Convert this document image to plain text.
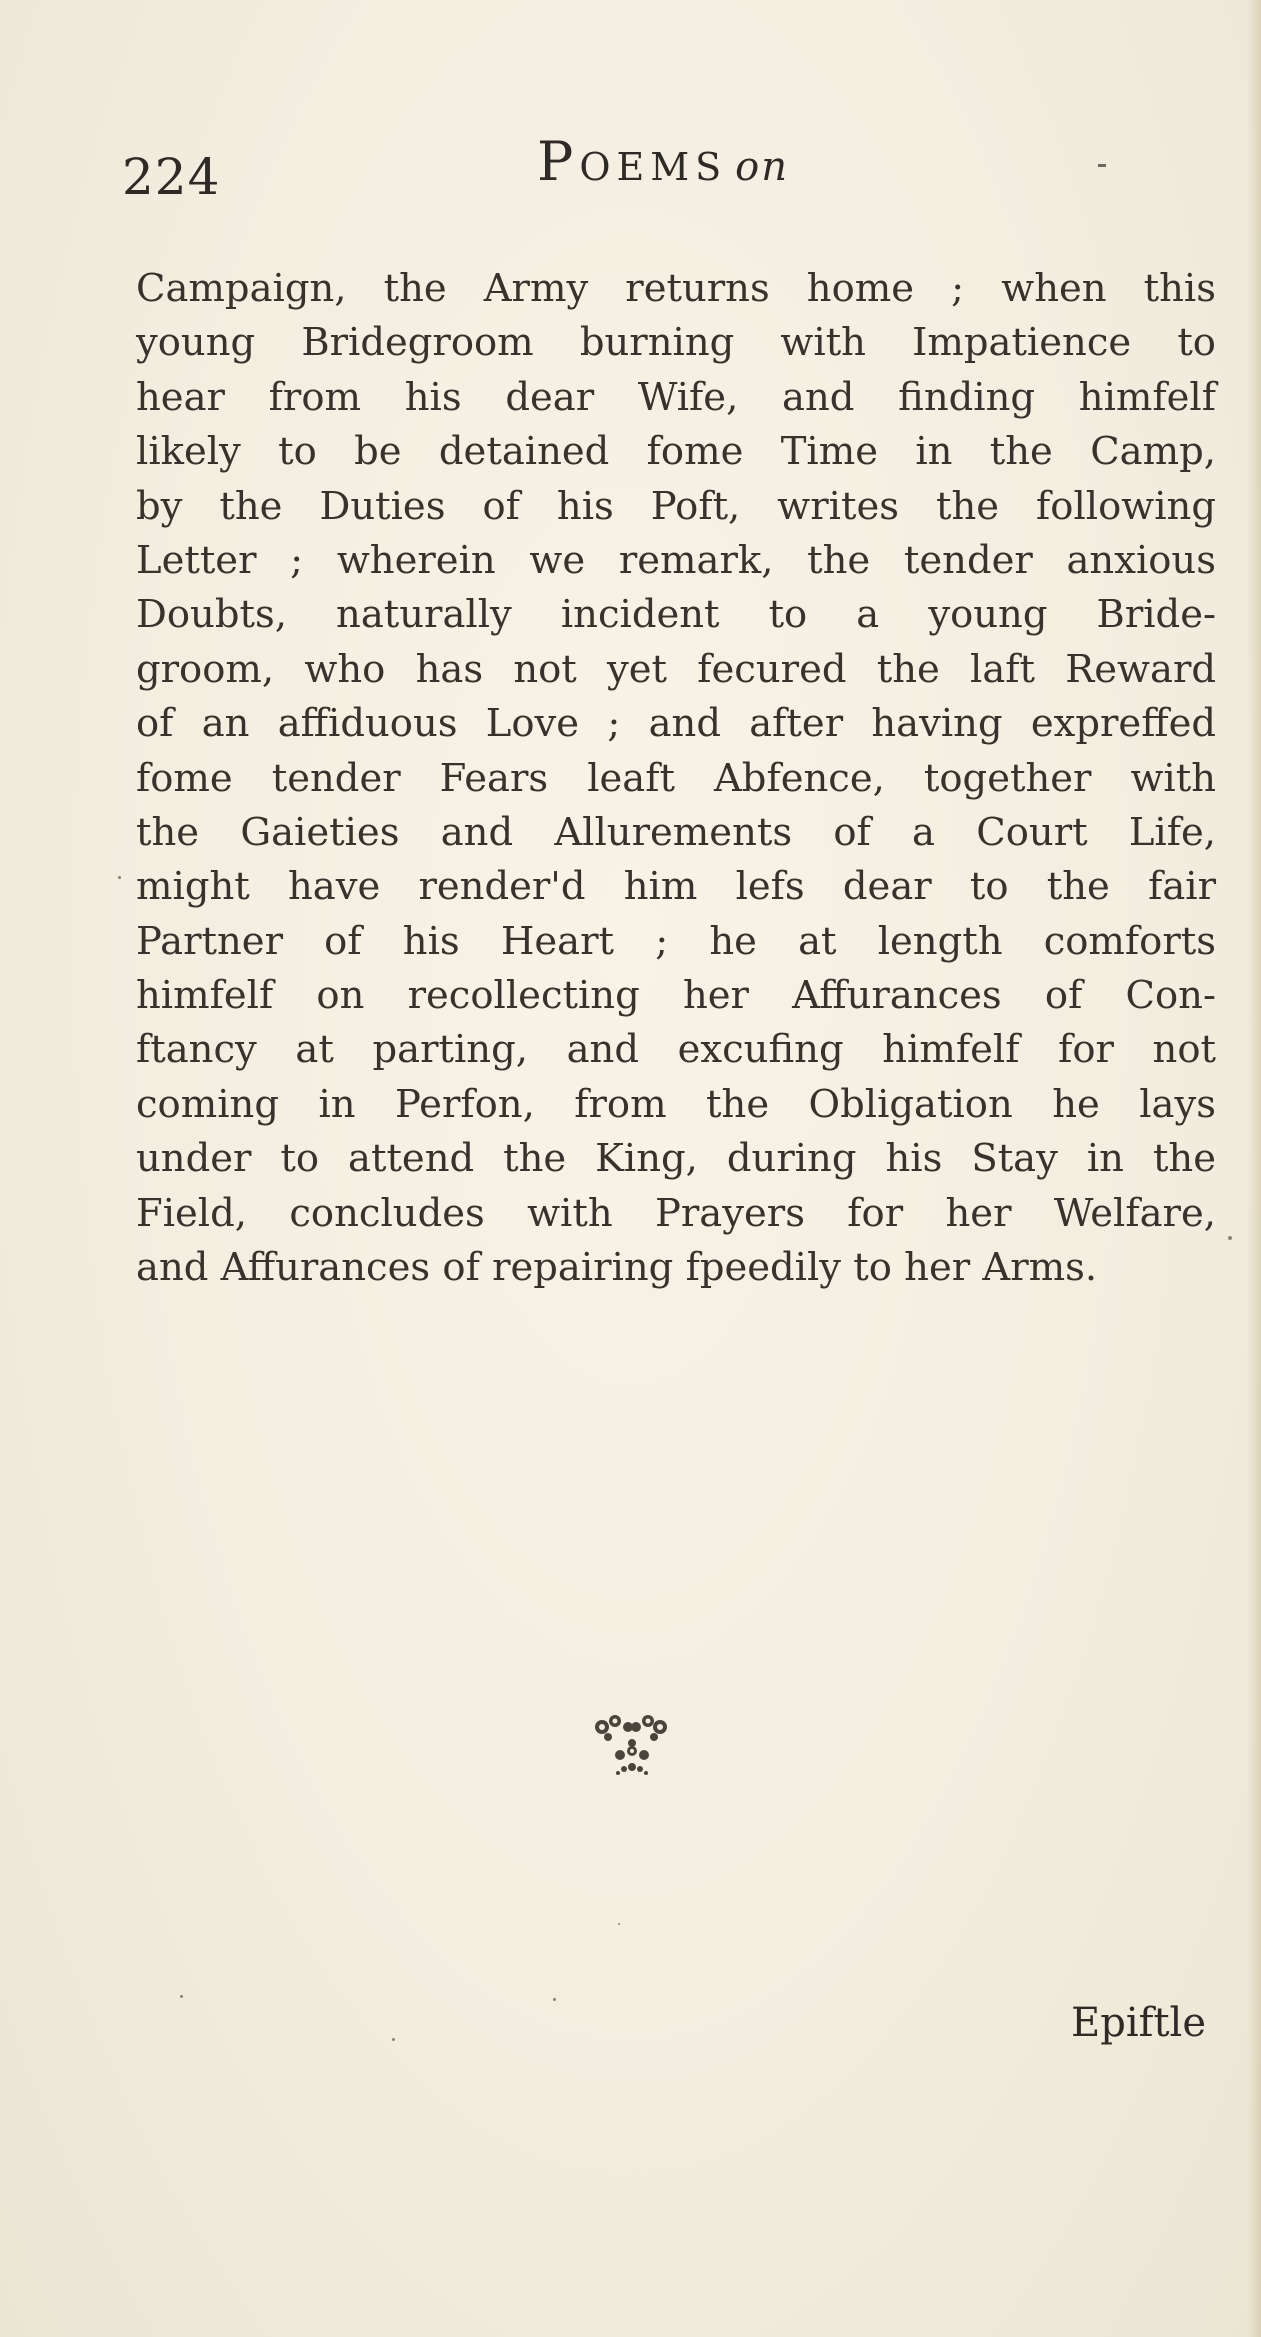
224	Poems on
Campaign, the Army returns home ; when this
young Bridegroom burning with Impatience to
hear from his dear Wife, and finding himfelf
likely to be detained fome Time in the Camp,
by the Duties of his Poft, writes the following
Letter ; wherein we remark, the tender anxious
Doubts, naturally incident to a young Bride-
groom, who has not yet fecured the laft Reward
of an affiduous Love ; and after having expreffed
fome tender Fears leaft Abfence, together with
the Gaieties and Allurements of a Court Life,
might have render'd him lefs dear to the fair
Partner of his Heart ; he at length comforts
himfelf on recollecting her Affurances of Con-
ftancy at parting, and excufing himfelf for not
coming in Perfon, from the Obligation he lays
under to attend the King, during his Stay in the
Field, concludes with Prayers for her Welfare,
and Affurances of repairing fpeedily to her Arms.
Epiftle
